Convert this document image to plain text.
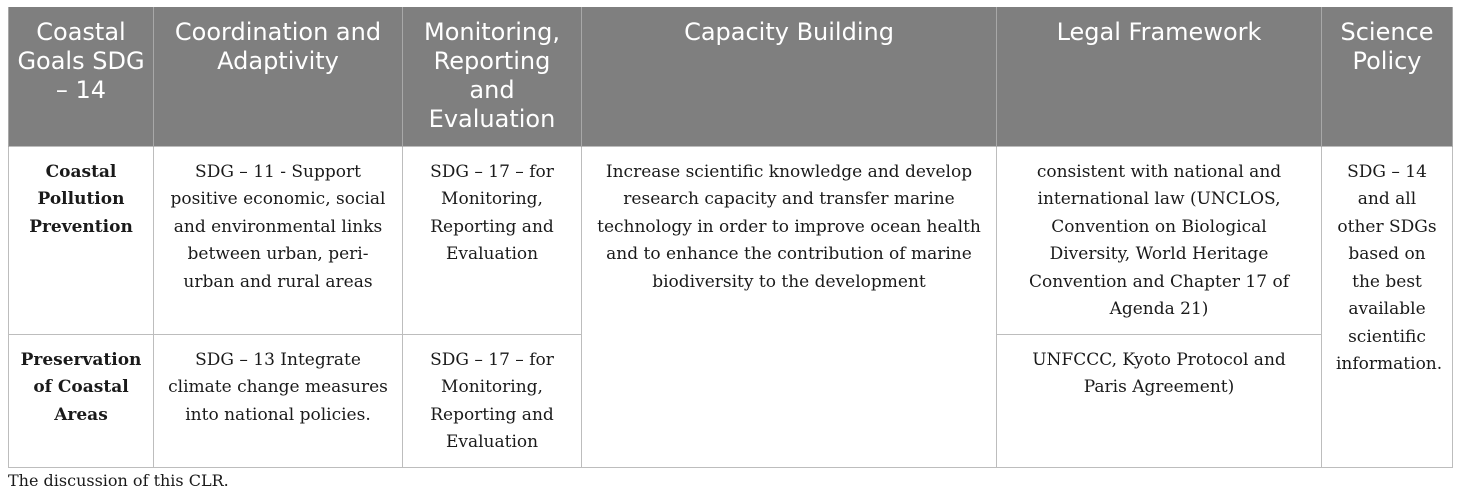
Coastal Goals SDG – 14	Coordination and Adaptivity	Monitoring, Reporting and Evaluation	Capacity Building	Legal Framework	Science Policy
Coastal Pollution Prevention	SDG – 11 - Support positive economic, social and environmental links between urban, peri-urban and rural areas	SDG – 17 – for Monitoring, Reporting and Evaluation	Increase scientific knowledge and develop research capacity and transfer marine technology in order to improve ocean health and to enhance the contribution of marine biodiversity to the development	consistent with national and international law (UNCLOS, Convention on Biological Diversity, World Heritage Convention and Chapter 17 of Agenda 21)	SDG – 14 and all other SDGs based on the best available scientific information.
Preservation of Coastal Areas	SDG – 13 Integrate climate change measures into national policies.	SDG – 17 – for Monitoring, Reporting and Evaluation		UNFCCC, Kyoto Protocol and Paris Agreement)	
The discussion of this CLR.
